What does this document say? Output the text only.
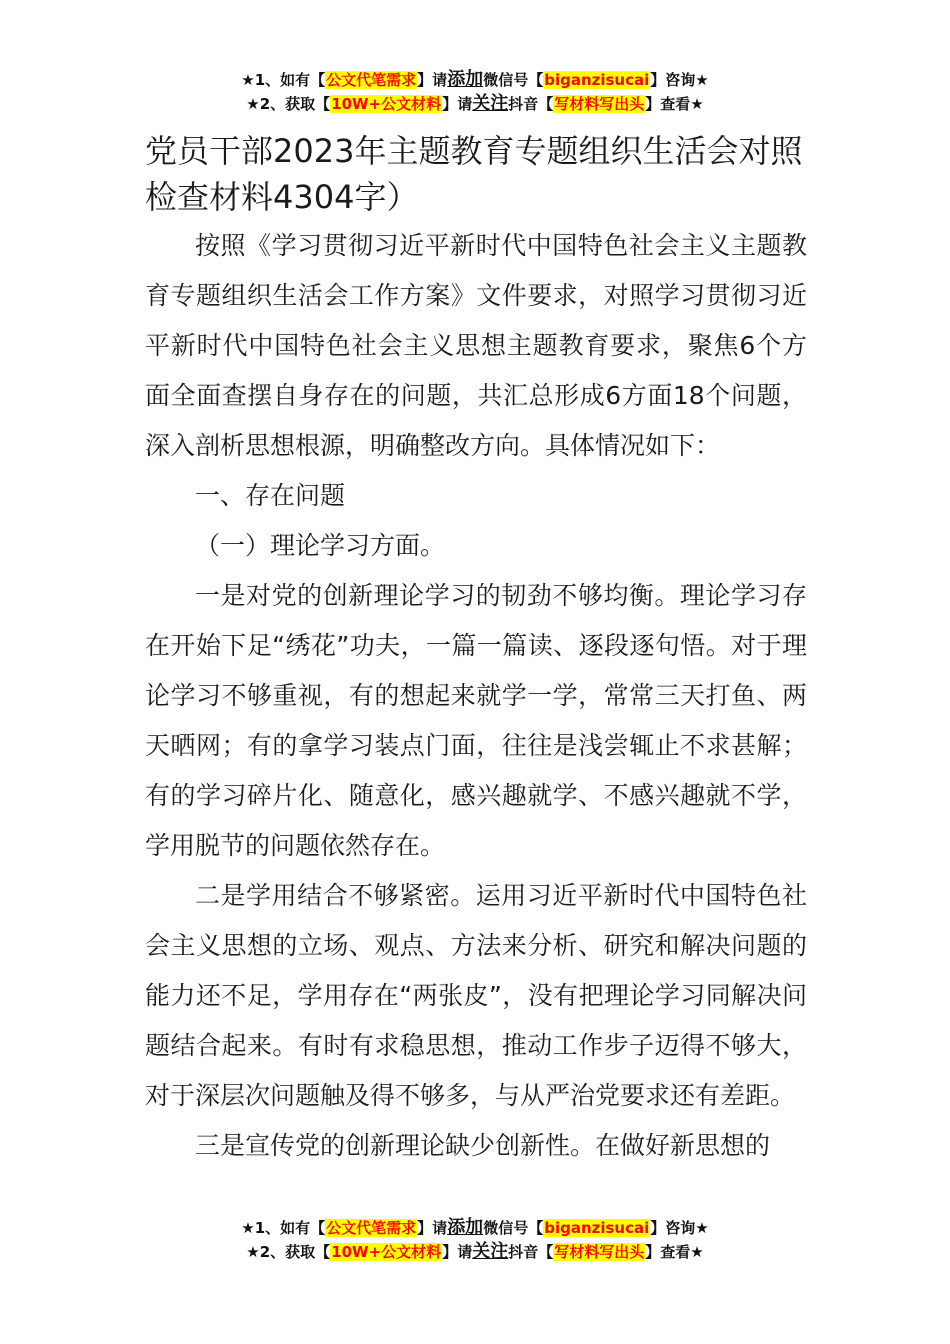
★1、如有【公文代笔需求】请添加微信号【biganzisucai】咨询★
★2、获取【10W+公文材料】请关注抖音【写材料写出头】查看★
党员干部2023年主题教育专题组织生活会对照检查材料4304字）

按照《学习贯彻习近平新时代中国特色社会主义主题教育专题组织生活会工作方案》文件要求，对照学习贯彻习近平新时代中国特色社会主义思想主题教育要求，聚焦6个方面全面查摆自身存在的问题，共汇总形成6方面18个问题，深入剖析思想根源，明确整改方向。具体情况如下：

一、存在问题

（一）理论学习方面。

一是对党的创新理论学习的韧劲不够均衡。理论学习存在开始下足“绣花”功夫，一篇一篇读、逐段逐句悟。对于理论学习不够重视，有的想起来就学一学，常常三天打鱼、两天晒网；有的拿学习装点门面，往往是浅尝辄止不求甚解；有的学习碎片化、随意化，感兴趣就学、不感兴趣就不学，学用脱节的问题依然存在。

二是学用结合不够紧密。运用习近平新时代中国特色社会主义思想的立场、观点、方法来分析、研究和解决问题的能力还不足，学用存在“两张皮”，没有把理论学习同解决问题结合起来。有时有求稳思想，推动工作步子迈得不够大，对于深层次问题触及得不够多，与从严治党要求还有差距。

三是宣传党的创新理论缺少创新性。在做好新思想的

★1、如有【公文代笔需求】请添加微信号【biganzisucai】咨询★
★2、获取【10W+公文材料】请关注抖音【写材料写出头】查看★
